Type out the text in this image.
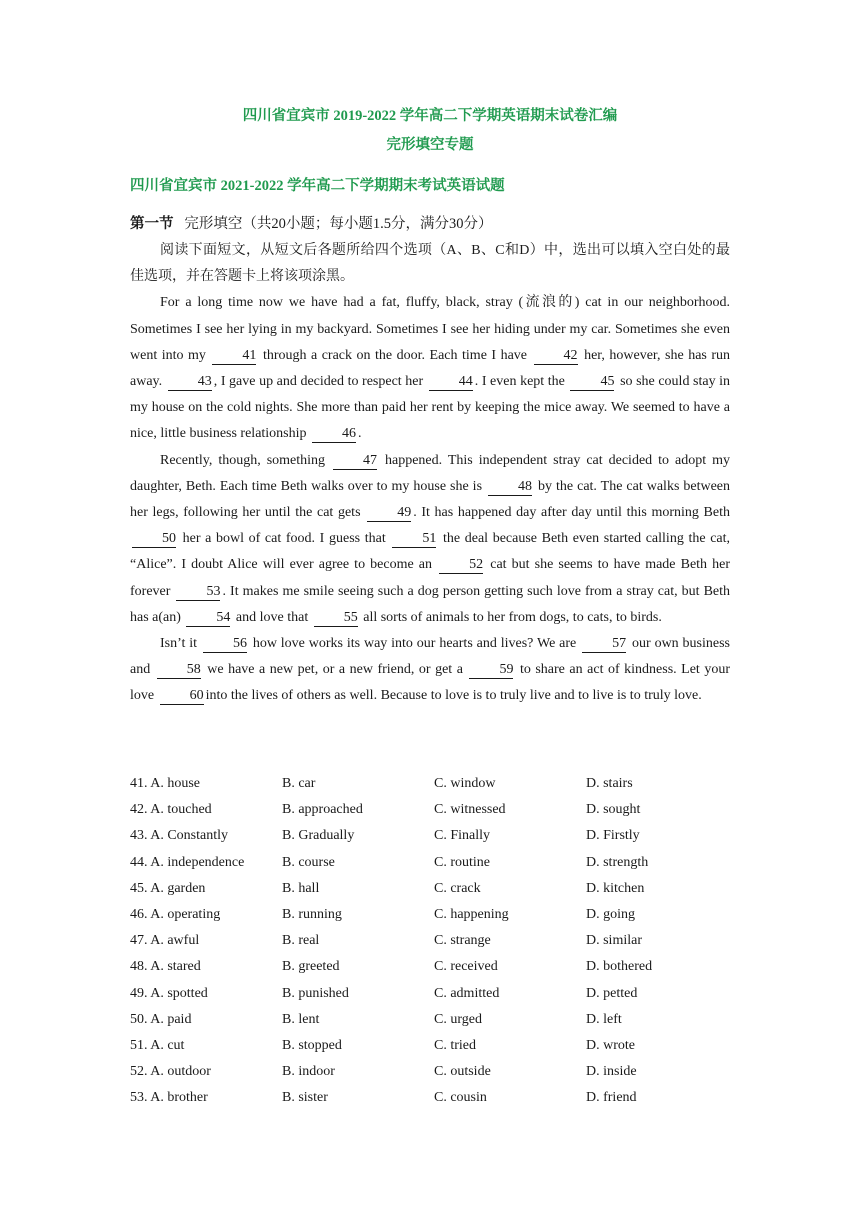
四川省宜宾市 2019-2022 学年高二下学期英语期末试卷汇编
完形填空专题
四川省宜宾市 2021-2022 学年高二下学期期末考试英语试题
第一节 完形填空（共20小题；每小题1.5分，满分30分）

阅读下面短文，从短文后各题所给四个选项（A、B、C和D）中，选出可以填入空白处的最佳选项，并在答题卡上将该项涂黑。

For a long time now we have had a fat, fluffy, black, stray (流浪的) cat in our neighborhood. Sometimes I see her lying in my backyard. Sometimes I see her hiding under my car. Sometimes she even went into my	41 through a crack on the door. Each time I have	42 her, however, she has run away.	43 , I gave up and decided to respect her	44 . I even kept the	45 so she could stay in my house on the cold nights. She more than paid her rent by keeping the mice away. We seemed to have a nice, little business relationship	46 .

Recently, though, something	47 happened. This independent stray cat decided to adopt my daughter, Beth. Each time Beth walks over to my house she is	48 by the cat. The cat walks between her legs, following her until the cat gets	49 . It has happened day after day until this morning Beth 50 her a bowl of cat food. I guess that	51 the deal because Beth even started calling the cat, “Alice”. I doubt Alice will ever agree to become an	52 cat but she seems to have made Beth her forever	53 . It makes me smile seeing such a dog person getting such love from a stray cat, but Beth has a(an)	54 and love that	55 all sorts of animals to her from dogs, to cats, to birds.

Isn’t it	56 how love works its way into our hearts and lives? We are	57 our own business and	58 we have a new pet, or a new friend, or get a	59 to share an act of kindness. Let your love	60 into the lives of others as well. Because to love is to truly live and to live is to truly love.

41. A. house	B. car	C. window	D. stairs
42. A. touched	B. approached	C. witnessed	D. sought
43. A. Constantly	B. Gradually	C. Finally	D. Firstly
44. A. independence	B. course	C. routine	D. strength
45. A. garden	B. hall	C. crack	D. kitchen
46. A. operating	B. running	C. happening	D. going
47. A. awful	B. real	C. strange	D. similar
48. A. stared	B. greeted	C. received	D. bothered
49. A. spotted	B. punished	C. admitted	D. petted
50. A. paid	B. lent	C. urged	D. left
51. A. cut	B. stopped	C. tried	D. wrote
52. A. outdoor	B. indoor	C. outside	D. inside
53. A. brother	B. sister	C. cousin	D. friend
